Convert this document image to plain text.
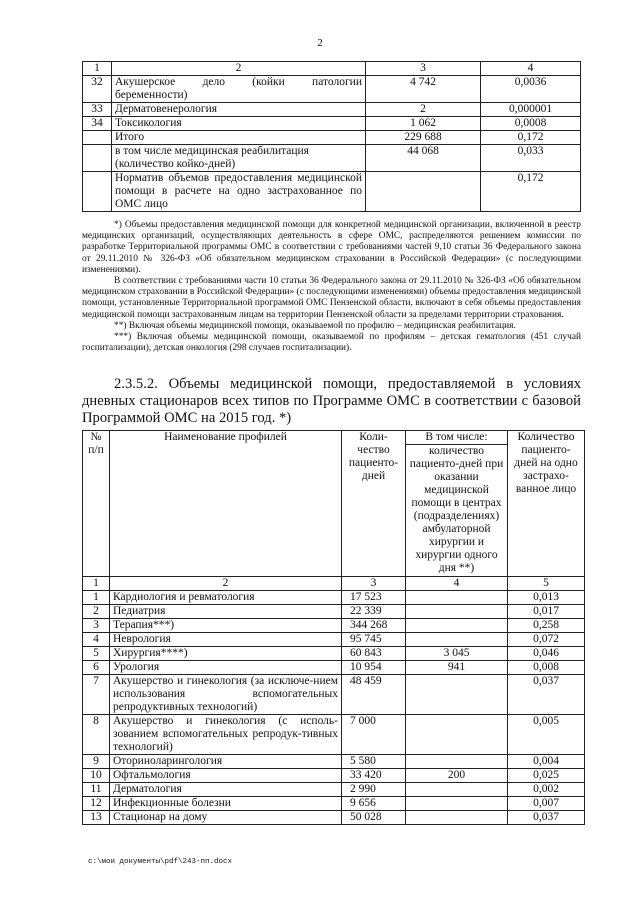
2
1	2	3	4
32	Акушерское дело (койки патологии беременности)	4 742	0,0036
33	Дерматовенерология	2	0,000001
34	Токсикология	1 062	0,0008
	Итого	229 688	0,172
	в том числе медицинская реабилитация (количество койко-дней)	44 068	0,033
	Норматив объемов предоставления медицинской помощи в расчете на одно застрахованное по ОМС лицо		0,172

*) Объемы предоставления медицинской помощи для конкретной медицинской организации, включенной в реестр медицинских организаций, осуществляющих деятельность в сфере ОМС, распределяются решением комиссии по разработке Территориальной программы ОМС в соответствии с требованиями частей 9,10 статьи 36 Федерального закона от 29.11.2010 № 326-ФЗ «Об обязательном медицинском страховании в Российской Федерации» (с последующими изменениями).

В соответствии с требованиями части 10 статьи 36 Федерального закона от 29.11.2010 № 326-ФЗ «Об обязательном медицинском страховании в Российской Федерации» (с последующими изменениями) объемы предоставления медицинской помощи, установленные Территориальной программой ОМС Пензенской области, включают в себя объемы предоставления медицинской помощи застрахованным лицам на территории Пензенской области за пределами территории страхования.

**) Включая объемы медицинской помощи, оказываемой по профилю – медицинская реабилитация.

***) Включая объемы медицинской помощи, оказываемой по профилям – детская гематология (451 случай госпитализации), детская онкология (298 случаев госпитализации).

2.3.5.2. Объемы медицинской помощи, предоставляемой в условиях дневных стационаров всех типов по Программе ОМС в соответствии с базовой Программой ОМС на 2015 год. *)
№ п/п	Наименование профилей	Коли-чество пациенто-дней	В том числе:	Количество пациенто-дней на одно застрахо-ванное лицо
			количество пациенто-дней при оказании медицинской помощи в центрах (подразделениях) амбулаторной хирургии и хирургии одного дня **)	
1	2	3	4	5
1	Кардиология и ревматология	17 523		0,013
2	Педиатрия	22 339		0,017
3	Терапия***)	344 268		0,258
4	Неврология	95 745		0,072
5	Хирургия****)	60 843	3 045	0,046
6	Урология	10 954	941	0,008
7	Акушерство и гинекология (за исключе-нием использования вспомогательных репродуктивных технологий)	48 459		0,037
8	Акушерство и гинекология (с исполь-зованием вспомогательных репродук-тивных технологий)	7 000		0,005
9	Оториноларингология	5 580		0,004
10	Офтальмология	33 420	200	0,025
11	Дерматология	2 990		0,002
12	Инфекционные болезни	9 656		0,007
13	Стационар на дому	50 028		0,037
c:\мои документы\pdf\243-пп.docx
